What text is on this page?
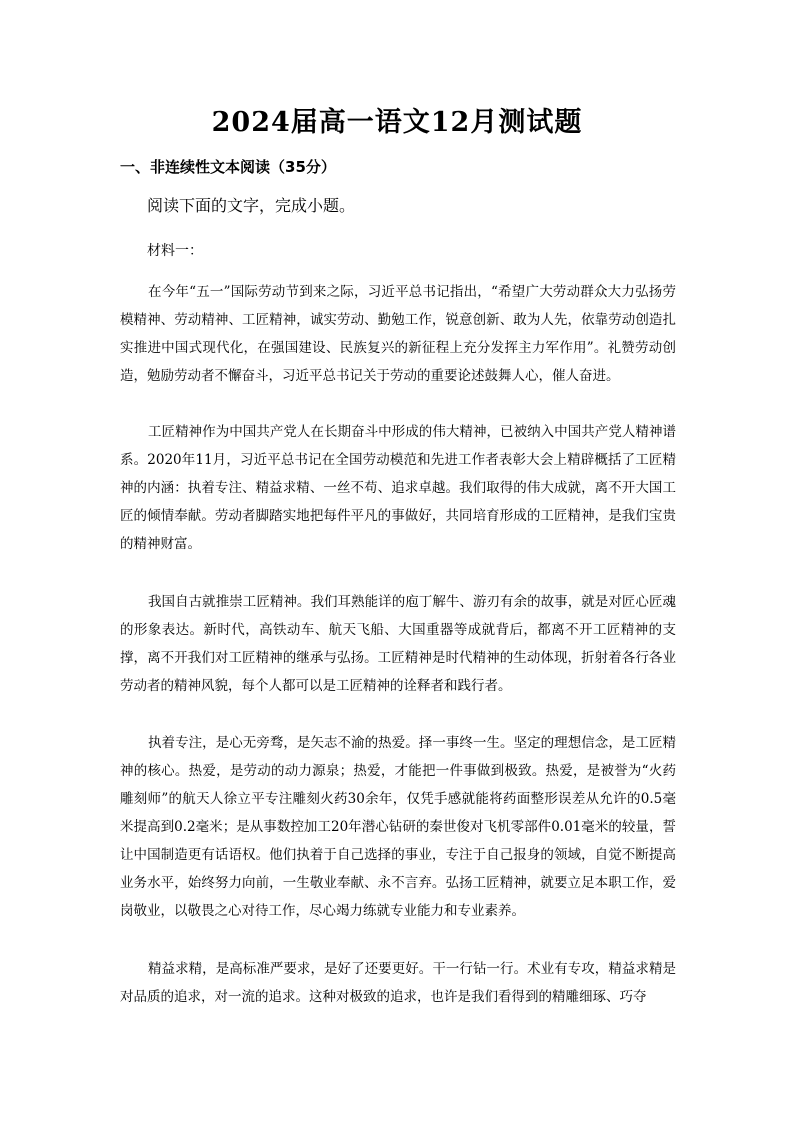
2024届高一语文12月测试题
一、非连续性文本阅读（35分）
阅读下面的文字，完成小题。
材料一：

在今年“五一”国际劳动节到来之际，习近平总书记指出，“希望广大劳动群众大力弘扬劳模精神、劳动精神、工匠精神，诚实劳动、勤勉工作，锐意创新、敢为人先，依靠劳动创造扎实推进中国式现代化，在强国建设、民族复兴的新征程上充分发挥主力军作用”。礼赞劳动创造，勉励劳动者不懈奋斗，习近平总书记关于劳动的重要论述鼓舞人心，催人奋进。

工匠精神作为中国共产党人在长期奋斗中形成的伟大精神，已被纳入中国共产党人精神谱系。2020年11月，习近平总书记在全国劳动模范和先进工作者表彰大会上精辟概括了工匠精神的内涵：执着专注、精益求精、一丝不苟、追求卓越。我们取得的伟大成就，离不开大国工匠的倾情奉献。劳动者脚踏实地把每件平凡的事做好，共同培育形成的工匠精神，是我们宝贵的精神财富。

我国自古就推崇工匠精神。我们耳熟能详的庖丁解牛、游刃有余的故事，就是对匠心匠魂的形象表达。新时代，高铁动车、航天飞船、大国重器等成就背后，都离不开工匠精神的支撑，离不开我们对工匠精神的继承与弘扬。工匠精神是时代精神的生动体现，折射着各行各业劳动者的精神风貌，每个人都可以是工匠精神的诠释者和践行者。

执着专注，是心无旁骛，是矢志不渝的热爱。择一事终一生。坚定的理想信念，是工匠精神的核心。热爱，是劳动的动力源泉；热爱，才能把一件事做到极致。热爱，是被誉为“火药雕刻师”的航天人徐立平专注雕刻火药30余年，仅凭手感就能将药面整形误差从允许的0.5毫米提高到0.2毫米；是从事数控加工20年潜心钻研的秦世俊对飞机零部件0.01毫米的较量，誓让中国制造更有话语权。他们执着于自己选择的事业，专注于自己报身的领域，自觉不断提高业务水平，始终努力向前，一生敬业奉献、永不言弃。弘扬工匠精神，就要立足本职工作，爱岗敬业，以敬畏之心对待工作，尽心竭力练就专业能力和专业素养。

精益求精，是高标准严要求，是好了还要更好。干一行钻一行。术业有专攻，精益求精是对品质的追求，对一流的追求。这种对极致的追求，也许是我们看得到的精雕细琢、巧夺
